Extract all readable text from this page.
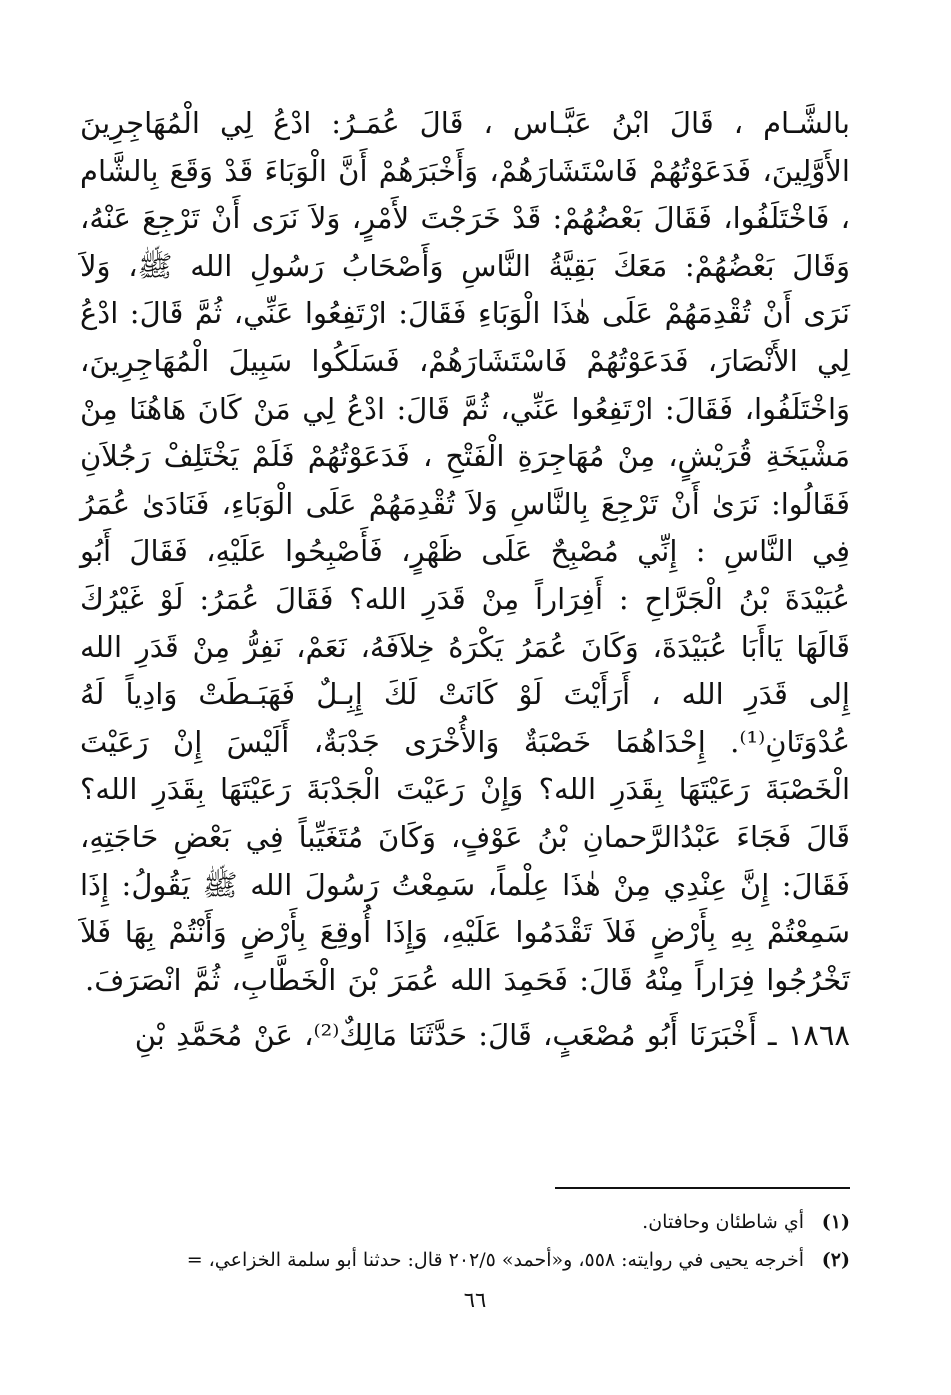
بالشَّـام ، قَالَ ابْنُ عَبَّـاس ، قَالَ عُمَـرُ: ادْعُ لِي الْمُهَاجِرِينَ الأَوَّلِينَ، فَدَعَوْتُهُمْ فَاسْتَشَارَهُمْ، وَأَخْبَرَهُمْ أَنَّ الْوَبَاءَ قَدْ وَقَعَ بِالشَّام ، فَاخْتَلَفُوا، فَقَالَ بَعْضُهُمْ: قَدْ خَرَجْتَ لأَمْرٍ، وَلاَ نَرَى أَنْ تَرْجِعَ عَنْهُ، وَقَالَ بَعْضُهُمْ: مَعَكَ بَقِيَّةُ النَّاسِ وَأَصْحَابُ رَسُولِ الله ﷺ، وَلاَ نَرَى أَنْ تُقْدِمَهُمْ عَلَى هٰذَا الْوَبَاءِ فَقَالَ: ارْتَفِعُوا عَنِّي، ثُمَّ قَالَ: ادْعُ لِي الأَنْصَارَ، فَدَعَوْتُهُمْ فَاسْتَشَارَهُمْ، فَسَلَكُوا سَبِيلَ الْمُهَاجِرِينَ، وَاخْتَلَفُوا، فَقَالَ: ارْتَفِعُوا عَنِّي، ثُمَّ قَالَ: ادْعُ لِي مَنْ كَانَ هَاهُنَا مِنْ مَشْيَخَةِ قُرَيْشٍ، مِنْ مُهَاجِرَةِ الْفَتْحِ ، فَدَعَوْتُهُمْ فَلَمْ يَخْتَلِفْ رَجُلاَنِ فَقَالُوا: نَرَىٰ أَنْ تَرْجِعَ بِالنَّاسِ وَلاَ تُقْدِمَهُمْ عَلَى الْوَبَاءِ، فَنَادَىٰ عُمَرُ فِي النَّاسِ : إِنِّي مُصْبِحٌ عَلَى ظَهْرٍ، فَأَصْبِحُوا عَلَيْهِ، فَقَالَ أَبُو عُبَيْدَةَ بْنُ الْجَرَّاحِ : أَفِرَاراً مِنْ قَدَرِ الله؟ فَقَالَ عُمَرُ: لَوْ غَيْرُكَ قَالَهَا يَاأَبَا عُبَيْدَةَ، وَكَانَ عُمَرُ يَكْرَهُ خِلاَفَهُ، نَعَمْ، نَفِرُّ مِنْ قَدَرِ الله إِلى قَدَرِ الله ، أَرَأَيْتَ لَوْ كَانَتْ لَكَ إِبِـلٌ فَهَبَـطَتْ وَادِياً لَهُ عُدْوَتَانِ⁽¹⁾. إِحْدَاهُمَا خَصْبَةٌ وَالأُخْرَى جَدْبَةٌ، أَلَيْسَ إِنْ رَعَيْتَ الْخَصْبَةَ رَعَيْتَهَا بِقَدَرِ الله؟ وَإِنْ رَعَيْتَ الْجَدْبَةَ رَعَيْتَهَا بِقَدَرِ الله؟ قَالَ فَجَاءَ عَبْدُالرَّحمانِ بْنُ عَوْفٍ، وَكَانَ مُتَغَيِّباً فِي بَعْضِ حَاجَتِهِ، فَقَالَ: إِنَّ عِنْدِي مِنْ هٰذَا عِلْماً، سَمِعْتُ رَسُولَ الله ﷺ يَقُولُ: إِذَا سَمِعْتُمْ بِهِ بِأَرْضٍ فَلاَ تَقْدَمُوا عَلَيْهِ، وَإِذَا أُوقِعَ بِأَرْضٍ وَأَنْتُمْ بِهَا فَلاَ تَخْرُجُوا فِرَاراً مِنْهُ قَالَ: فَحَمِدَ الله عُمَرَ بْنَ الْخَطَّابِ، ثُمَّ انْصَرَفَ.

١٨٦٨ ـ أَخْبَرَنَا أَبُو مُصْعَبٍ، قَالَ: حَدَّثَنَا مَالِكٌ⁽²⁾، عَنْ مُحَمَّدِ بْنِ

(١)
أي شاطئان وحافتان.
(٢)
أخرجه يحيى في روايته: ٥٥٨، و«أحمد» ٢٠٢/٥ قال: حدثنا أبو سلمة الخزاعي، =
٦٦
